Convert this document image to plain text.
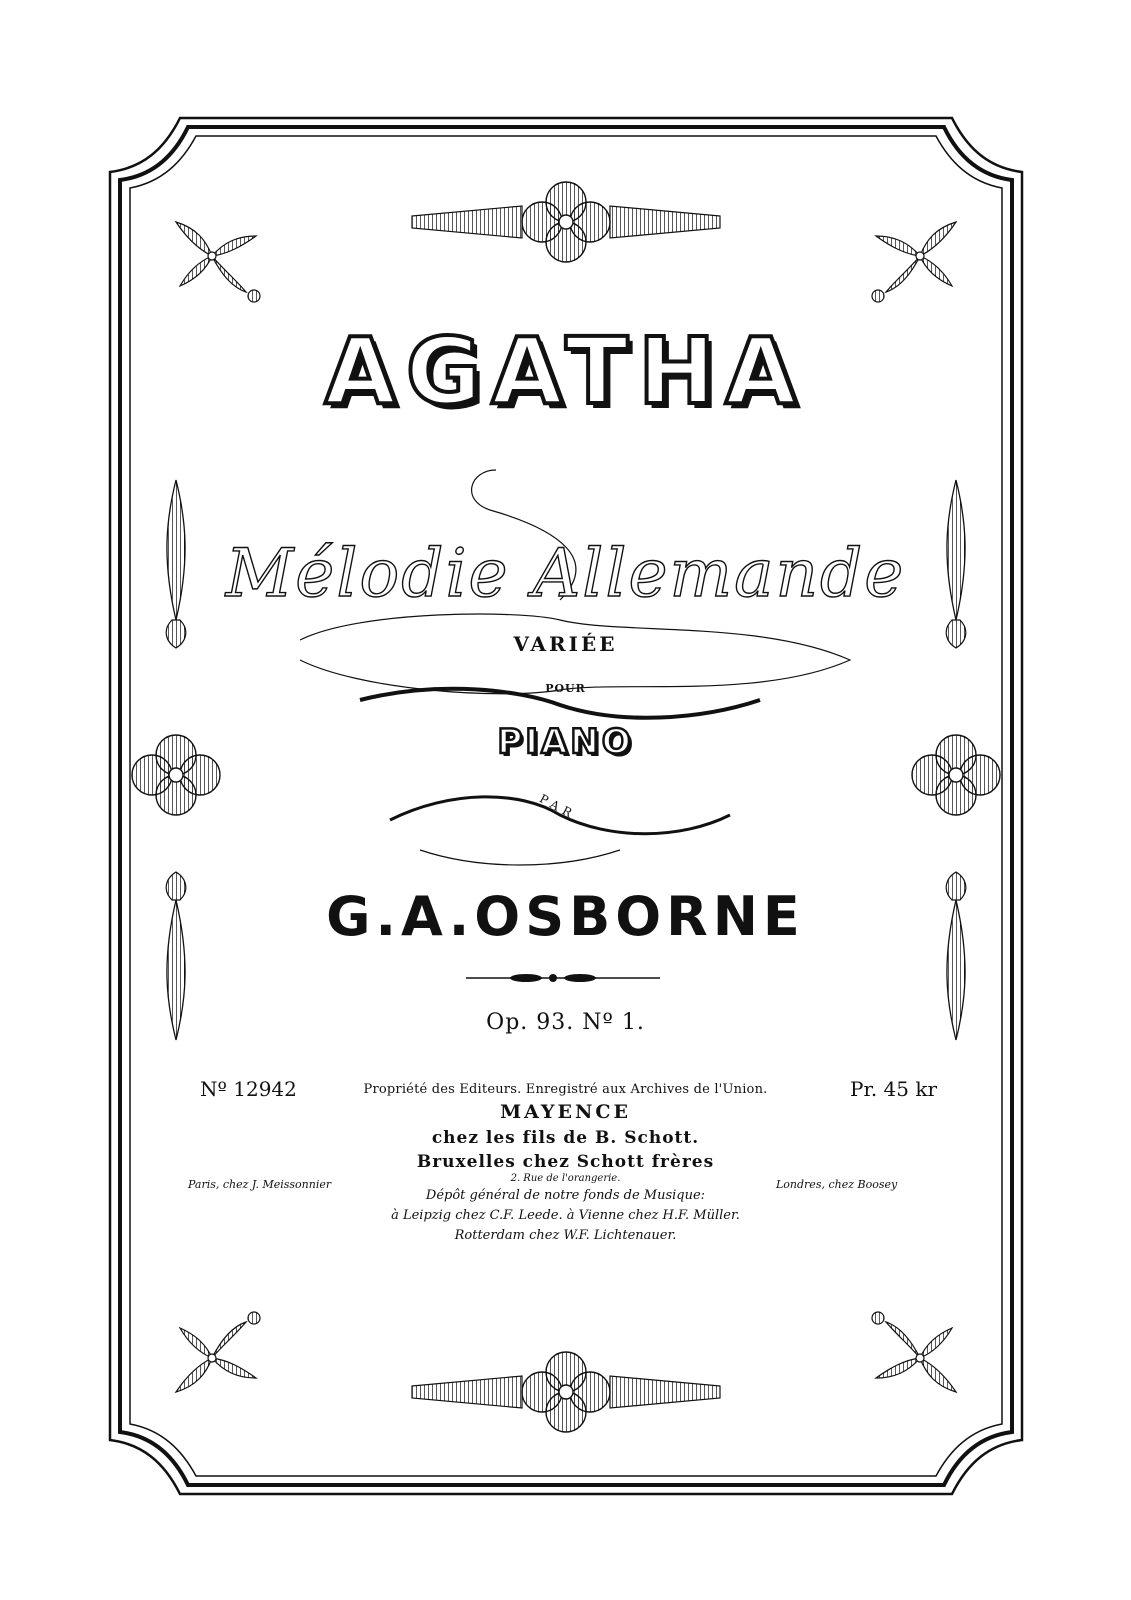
AGATHA
Mélodie Allemande
VARIÉE
POUR
PIANO
PAR
G.A.OSBORNE
Op. 93. Nº 1.
Nº 12942	Pr. 45 kr
Propriété des Editeurs. Enregistré aux Archives de l'Union.
MAYENCE
chez les fils de B. Schott.
Bruxelles chez Schott frères
2. Rue de l'orangerie.
Dépôt général de notre fonds de Musique:
à Leipzig chez C.F. Leede. à Vienne chez H.F. Müller.
Rotterdam chez W.F. Lichtenauer.
Paris, chez J. Meissonnier	Londres, chez Boosey
